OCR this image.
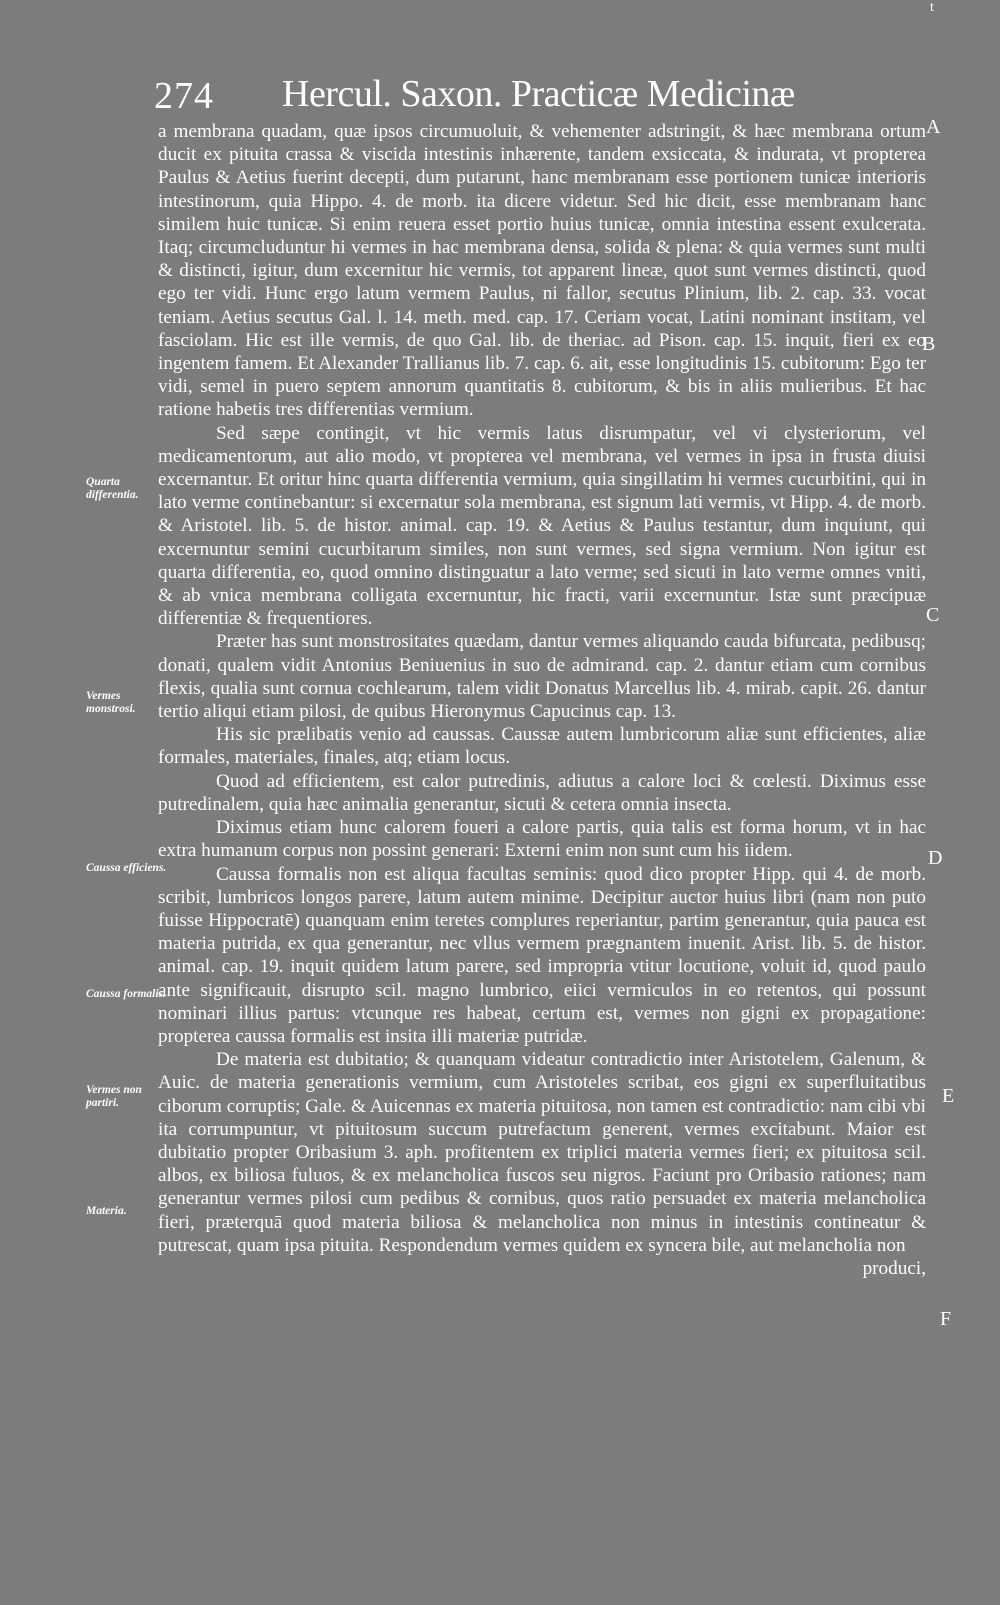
t
274 Hercul. Saxon. Practicæ Medicinæ
Quarta differentia.
Vermes monstrosi.
Caussa efficiens.
Caussa formalis.
Vermes non partiri.
Materia.
A
B
C
D
E
F

a membrana quadam, quæ ipsos circumuoluit, & vehementer adstringit, & hæc membrana ortum ducit ex pituita crassa & viscida intestinis inhærente, tandem exsiccata, & indurata, vt propterea Paulus & Aetius fuerint decepti, dum putarunt, hanc membranam esse portionem tunicæ interioris intestinorum, quia Hippo. 4. de morb. ita dicere videtur. Sed hic dicit, esse membranam hanc similem huic tunicæ. Si enim reuera esset portio huius tunicæ, omnia intestina essent exulcerata. Itaq; circumcluduntur hi vermes in hac membrana densa, solida & plena: & quia vermes sunt multi & distincti, igitur, dum excernitur hic vermis, tot apparent lineæ, quot sunt vermes distincti, quod ego ter vidi. Hunc ergo latum vermem Paulus, ni fallor, secutus Plinium, lib. 2. cap. 33. vocat teniam. Aetius secutus Gal. l. 14. meth. med. cap. 17. Ceriam vocat, Latini nominant institam, vel fasciolam. Hic est ille vermis, de quo Gal. lib. de theriac. ad Pison. cap. 15. inquit, fieri ex eo ingentem famem. Et Alexander Trallianus lib. 7. cap. 6. ait, esse longitudinis 15. cubitorum: Ego ter vidi, semel in puero septem annorum quantitatis 8. cubitorum, & bis in aliis mulieribus. Et hac ratione habetis tres differentias vermium.

Sed sæpe contingit, vt hic vermis latus disrumpatur, vel vi clysteriorum, vel medicamentorum, aut alio modo, vt propterea vel membrana, vel vermes in ipsa in frusta diuisi excernantur. Et oritur hinc quarta differentia vermium, quia singillatim hi vermes cucurbitini, qui in lato verme continebantur: si excernatur sola membrana, est signum lati vermis, vt Hipp. 4. de morb. & Aristotel. lib. 5. de histor. animal. cap. 19. & Aetius & Paulus testantur, dum inquiunt, qui excernuntur semini cucurbitarum similes, non sunt vermes, sed signa vermium. Non igitur est quarta differentia, eo, quod omnino distinguatur a lato verme; sed sicuti in lato verme omnes vniti, & ab vnica membrana colligata excernuntur, hic fracti, varii excernuntur. Istæ sunt præcipuæ differentiæ & frequentiores.

Præter has sunt monstrositates quædam, dantur vermes aliquando cauda bifurcata, pedibusq; donati, qualem vidit Antonius Beniuenius in suo de admirand. cap. 2. dantur etiam cum cornibus flexis, qualia sunt cornua cochlearum, talem vidit Donatus Marcellus lib. 4. mirab. capit. 26. dantur tertio aliqui etiam pilosi, de quibus Hieronymus Capucinus cap. 13.

His sic prælibatis venio ad caussas. Caussæ autem lumbricorum aliæ sunt efficientes, aliæ formales, materiales, finales, atq; etiam locus.

Quod ad efficientem, est calor putredinis, adiutus a calore loci & cœlesti. Diximus esse putredinalem, quia hæc animalia generantur, sicuti & cetera omnia insecta.

Diximus etiam hunc calorem foueri a calore partis, quia talis est forma horum, vt in hac extra humanum corpus non possint generari: Externi enim non sunt cum his iidem.

Caussa formalis non est aliqua facultas seminis: quod dico propter Hipp. qui 4. de morb. scribit, lumbricos longos parere, latum autem minime. Decipitur auctor huius libri (nam non puto fuisse Hippocratē) quanquam enim teretes complures reperiantur, partim generantur, quia pauca est materia putrida, ex qua generantur, nec vllus vermem prægnantem inuenit. Arist. lib. 5. de histor. animal. cap. 19. inquit quidem latum parere, sed impropria vtitur locutione, voluit id, quod paulo ante significauit, disrupto scil. magno lumbrico, eiici vermiculos in eo retentos, qui possunt nominari illius partus: vtcunque res habeat, certum est, vermes non gigni ex propagatione: propterea caussa formalis est insita illi materiæ putridæ.

De materia est dubitatio; & quanquam videatur contradictio inter Aristotelem, Galenum, & Auic. de materia generationis vermium, cum Aristoteles scribat, eos gigni ex superfluitatibus ciborum corruptis; Gale. & Auicennas ex materia pituitosa, non tamen est contradictio: nam cibi vbi ita corrumpuntur, vt pituitosum succum putrefactum generent, vermes excitabunt. Maior est dubitatio propter Oribasium 3. aph. profitentem ex triplici materia vermes fieri; ex pituitosa scil. albos, ex biliosa fuluos, & ex melancholica fuscos seu nigros. Faciunt pro Oribasio rationes; nam generantur vermes pilosi cum pedibus & cornibus, quos ratio persuadet ex materia melancholica fieri, præterquā quod materia biliosa & melancholica non minus in intestinis contineatur & putrescat, quam ipsa pituita. Respondendum vermes quidem ex syncera bile, aut melancholia non

produci,
